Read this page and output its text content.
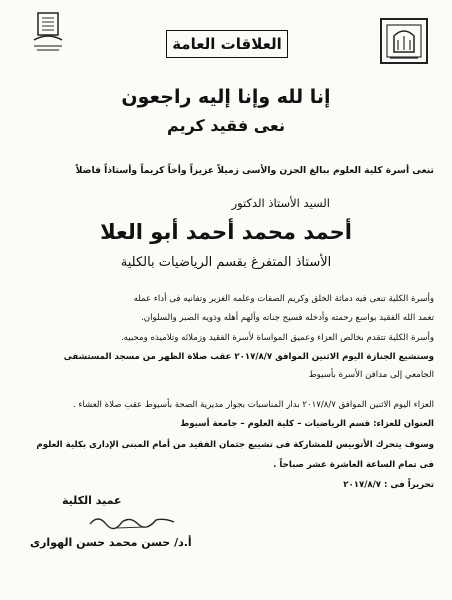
العلاقات العامة
إنا لله وإنا إليه راجعون
نعى فقيد كريم
تنعى أسرة كلية العلوم ببالغ الحزن والأسى زميلاً عزيزاً وأخاً كريماً وأستاذاً فاضلاً
السيد الأستاذ الدكتور
أحمد محمد أحمد أبو العلا
الأستاذ المتفرغ بقسم الرياضيات بالكلية
وأسرة الكلية تنعى فيه دماثة الخلق وكريم الصفات وعلمه الغزير وتفانيه فى أداء عمله
تغمد الله الفقيد بواسع رحمته وأدخله فسيح جناته وألهم أهله وذويه الصبر والسلوان.
وأسرة الكلية تتقدم بخالص العزاء وعميق المواساة لأسرة الفقيد وزملائه وتلاميذه ومحبيه.
وستشيع الجنازة اليوم الاثنين الموافق ٢٠١٧/٨/٧ عقب صلاة الظهر من مسجد المستشفى
الجامعي إلى مدافن الأسرة بأسيوط
العزاء اليوم الاثنين الموافق ٢٠١٧/٨/٧ بدار المناسبات بجوار مديرية الصحة بأسيوط عقب صلاة العشاء .
العنوان للعزاء: قسم الرياضيات – كلية العلوم – جامعة أسيوط
وسوف يتحرك الأتوبيس للمشاركة فى تشييع جثمان الفقيد من أمام المبنى الإدارى بكلية العلوم
فى تمام الساعة العاشرة عشر صباحاً .
تحريراً فى : ٢٠١٧/٨/٧
عميد الكلية
أ.د/ حسن محمد حسن الهوارى
